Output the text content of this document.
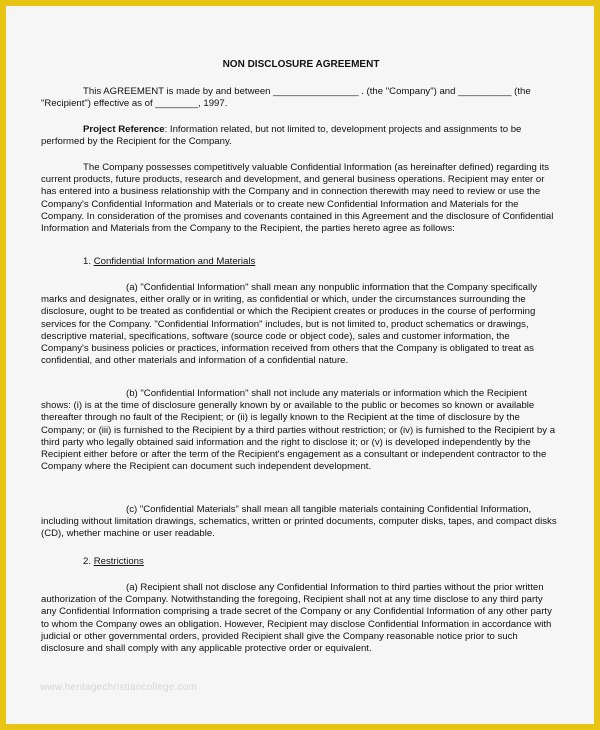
NON DISCLOSURE AGREEMENT

This AGREEMENT is made by and between ________________ . (the "Company") and __________ (the "Recipient") effective as of ________, 1997.

Project Reference: Information related, but not limited to, development projects and assignments to be performed by the Recipient for the Company.

The Company possesses competitively valuable Confidential Information (as hereinafter defined) regarding its current products, future products, research and development, and general business operations. Recipient may enter or has entered into a business relationship with the Company and in connection therewith may need to review or use the Company's Confidential Information and Materials or to create new Confidential Information and Materials for the Company. In consideration of the promises and covenants contained in this Agreement and the disclosure of Confidential Information and Materials from the Company to the Recipient, the parties hereto agree as follows:

1. Confidential Information and Materials

(a) "Confidential Information" shall mean any nonpublic information that the Company specifically marks and designates, either orally or in writing, as confidential or which, under the circumstances surrounding the disclosure, ought to be treated as confidential or which the Recipient creates or produces in the course of performing services for the Company. "Confidential Information" includes, but is not limited to, product schematics or drawings, descriptive material, specifications, software (source code or object code), sales and customer information, the Company's business policies or practices, information received from others that the Company is obligated to treat as confidential, and other materials and information of a confidential nature.

(b) "Confidential Information" shall not include any materials or information which the Recipient shows: (i) is at the time of disclosure generally known by or available to the public or becomes so known or available thereafter through no fault of the Recipient; or (ii) is legally known to the Recipient at the time of disclosure by the Company; or (iii) is furnished to the Recipient by a third parties without restriction; or (iv) is furnished to the Recipient by a third party who legally obtained said information and the right to disclose it; or (v) is developed independently by the Recipient either before or after the term of the Recipient's engagement as a consultant or independent contractor to the Company where the Recipient can document such independent development.

(c) "Confidential Materials" shall mean all tangible materials containing Confidential Information, including without limitation drawings, schematics, written or printed documents, computer disks, tapes, and compact disks (CD), whether machine or user readable.

2. Restrictions

(a) Recipient shall not disclose any Confidential Information to third parties without the prior written authorization of the Company. Notwithstanding the foregoing, Recipient shall not at any time disclose to any third party any Confidential Information comprising a trade secret of the Company or any Confidential Information of any other party to whom the Company owes an obligation. However, Recipient may disclose Confidential Information in accordance with judicial or other governmental orders, provided Recipient shall give the Company reasonable notice prior to such disclosure and shall comply with any applicable protective order or equivalent.

www.heritagechristiancollege.com
